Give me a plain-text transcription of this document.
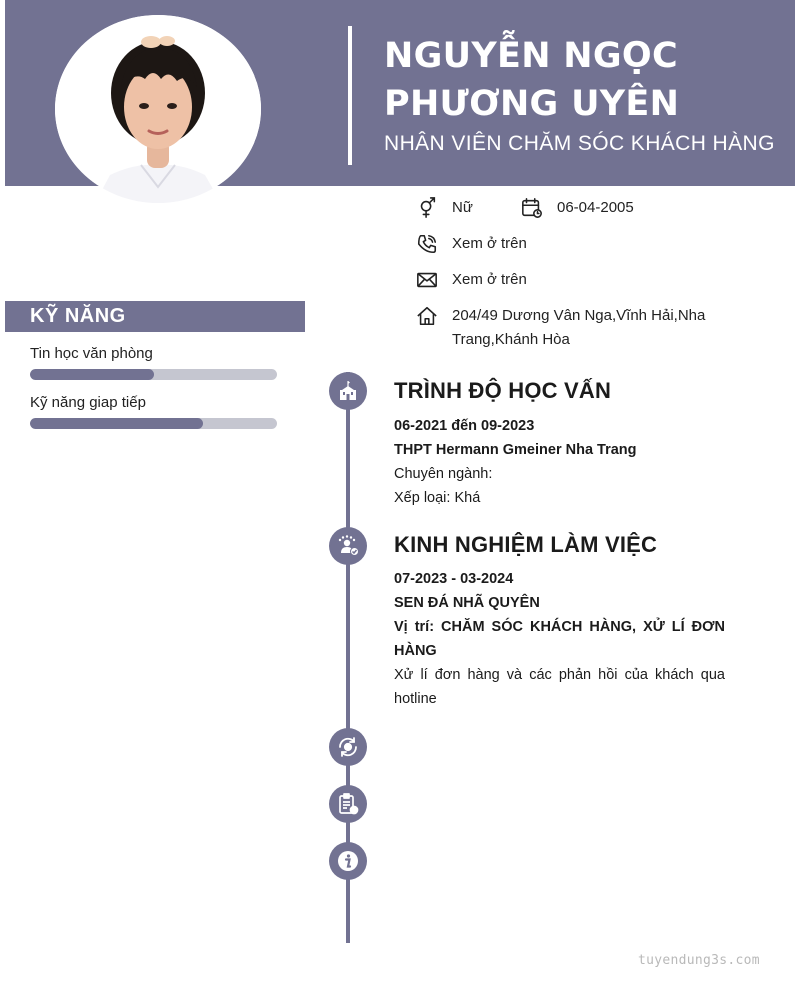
NGUYỄN NGỌC
PHƯƠNG UYÊN
NHÂN VIÊN CHĂM SÓC KHÁCH HÀNG
Nữ	06-04-2005
Xem ở trên
Xem ở trên
204/49 Dương Vân Nga,Vĩnh Hải,Nha
Trang,Khánh Hòa
KỸ NĂNG
Tin học văn phòng
Kỹ năng giap tiếp	TRÌNH ĐỘ HỌC VẤN
06-2021 đến 09-2023
THPT Hermann Gmeiner Nha Trang
Chuyên ngành:
Xếp loại: Khá
KINH NGHIỆM LÀM VIỆC
07-2023 - 03-2024
SEN ĐÁ NHÃ QUYÊN
Vị trí: CHĂM SÓC KHÁCH HÀNG, XỬ LÍ ĐƠN
HÀNG
Xử lí đơn hàng và các phản hồi của khách qua
hotline
tuyendung3s.com
